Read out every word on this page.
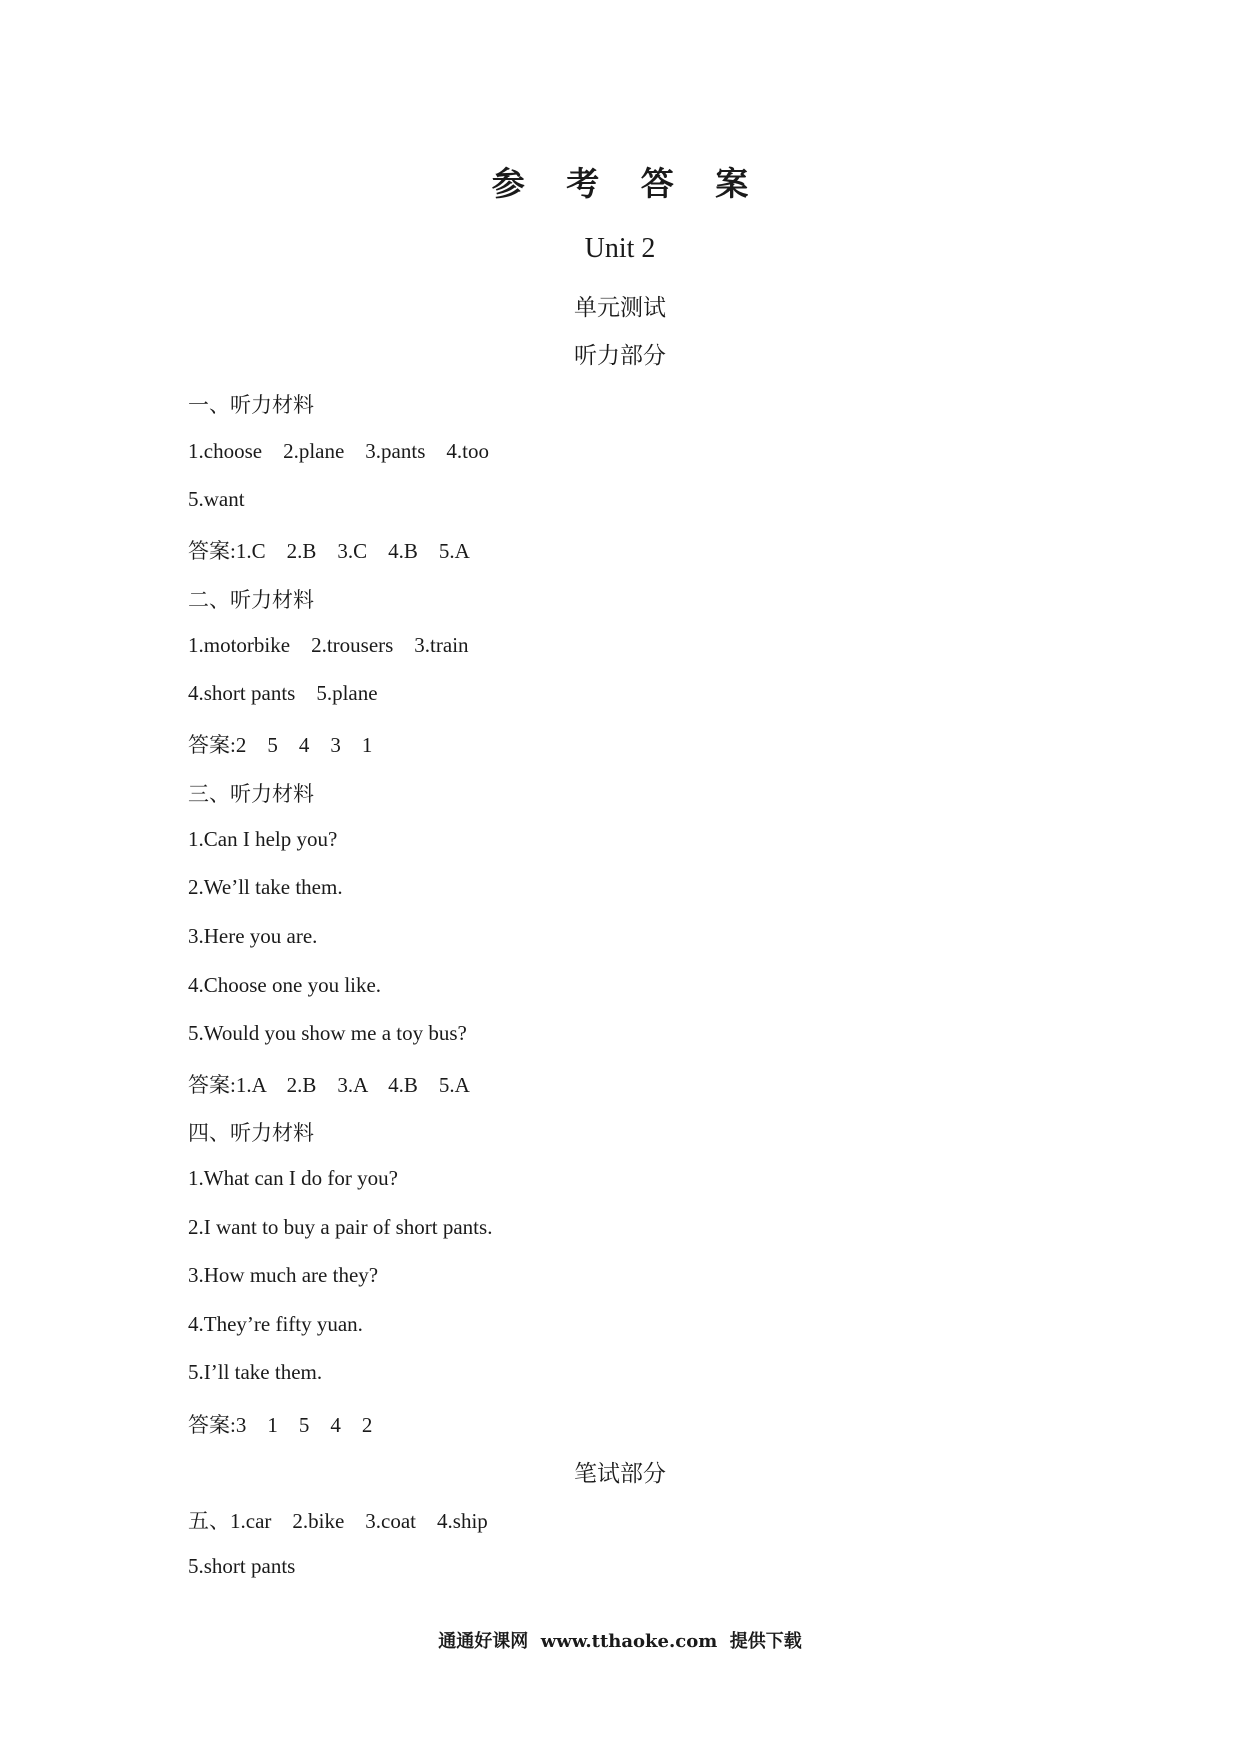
参 考 答 案
Unit 2
单元测试
听力部分
一、听力材料
1.choose    2.plane    3.pants    4.too
5.want
答案:1.C    2.B    3.C    4.B    5.A
二、听力材料
1.motorbike    2.trousers    3.train
4.short pants    5.plane
答案:2    5    4    3    1
三、听力材料
1.Can I help you?
2.We’ll take them.
3.Here you are.
4.Choose one you like.
5.Would you show me a toy bus?
答案:1.A    2.B    3.A    4.B    5.A
四、听力材料
1.What can I do for you?
2.I want to buy a pair of short pants.
3.How much are they?
4.They’re fifty yuan.
5.I’ll take them.
答案:3    1    5    4    2
笔试部分
五、1.car    2.bike    3.coat    4.ship
5.short pants
通通好课网  www.tthaoke.com  提供下载
